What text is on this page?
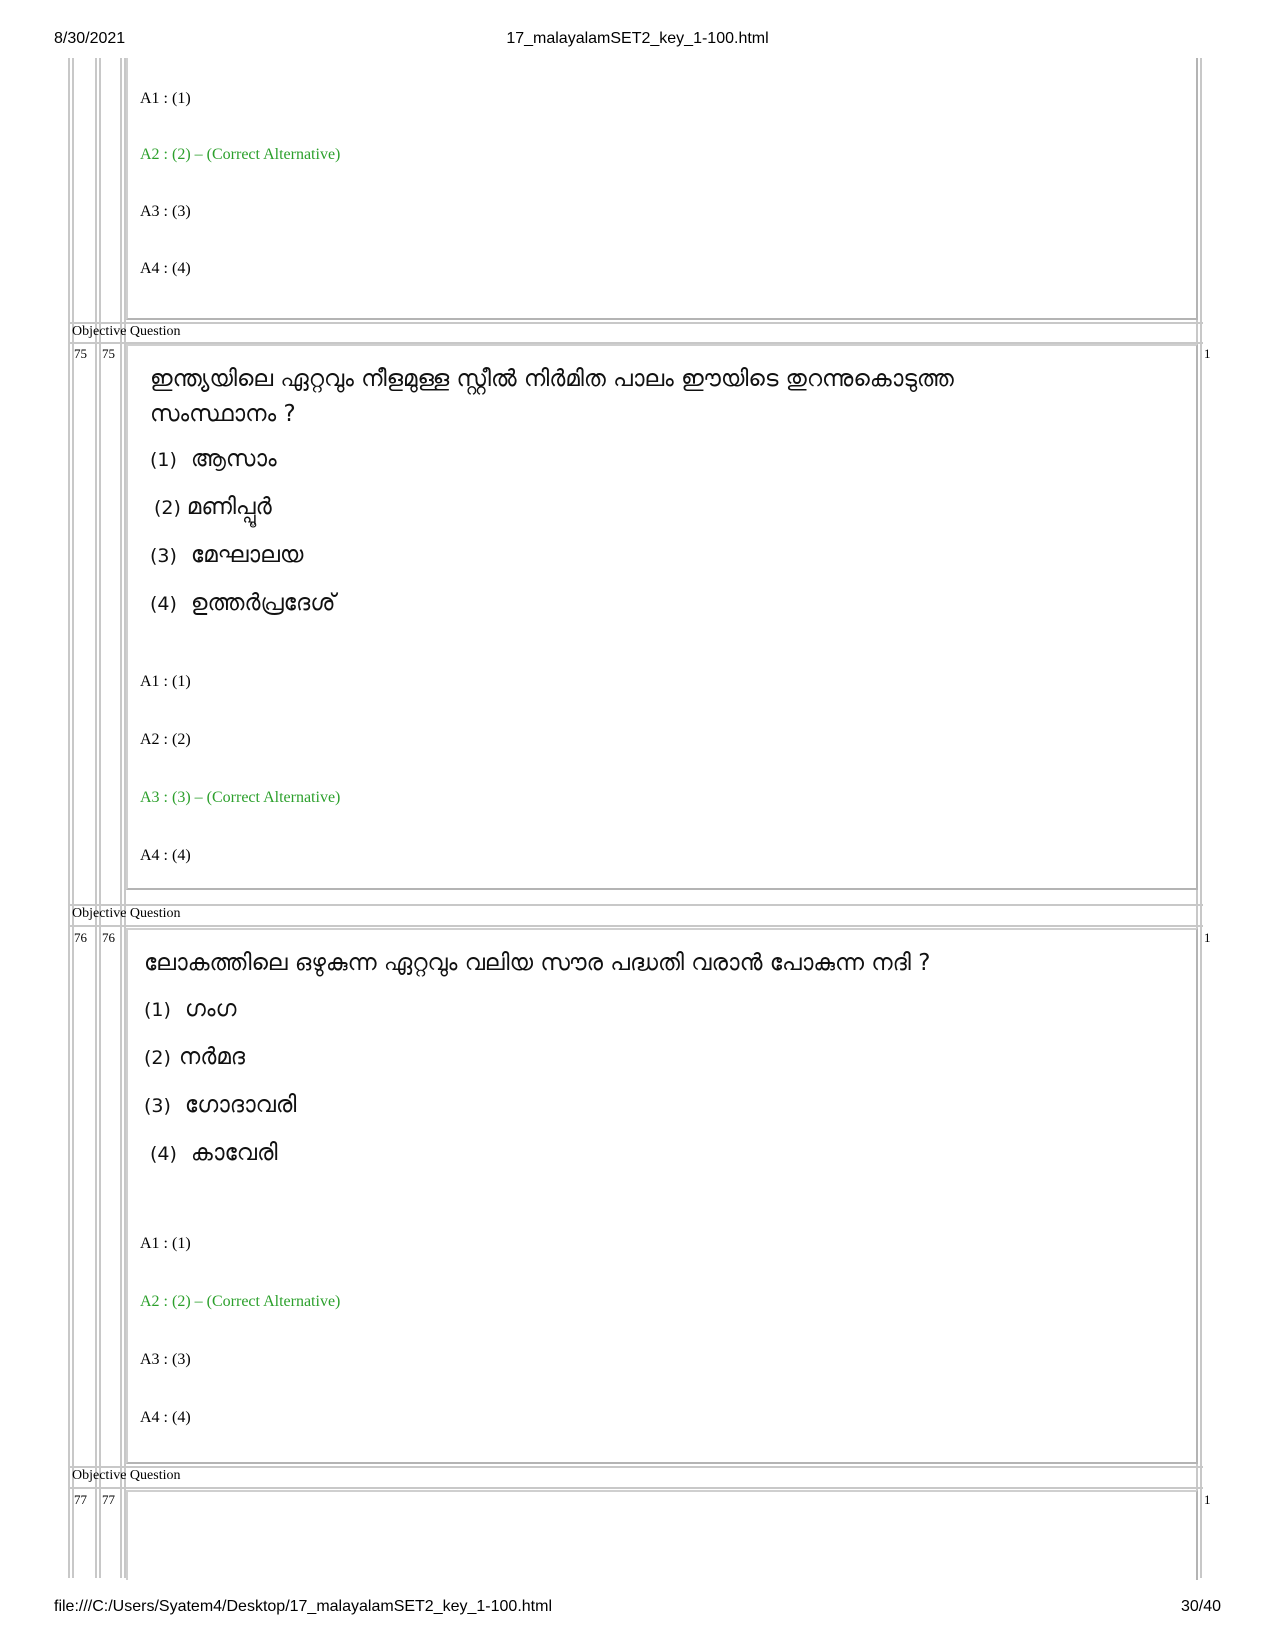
8/30/2021	17_malayalamSET2_key_1-100.html
A1 : (1)
A2 : (2) – (Correct Alternative)
A3 : (3)
A4 : (4)
Objective Question
75 75	1
ഇന്ത്യയിലെ ഏറ്റവും നീളമുള്ള സ്റ്റീൽ നിർമിത പാലം ഈയിടെ തുറന്നുകൊടുത്ത സംസ്ഥാനം ?
(1) ആസാം
(2) മണിപ്പൂർ
(3) മേഘാലയ
(4) ഉത്തർപ്രദേശ്
A1 : (1)
A2 : (2)
A3 : (3) – (Correct Alternative)
A4 : (4)
Objective Question
76 76	1
ലോകത്തിലെ ഒഴുകുന്ന ഏറ്റവും വലിയ സൗര പദ്ധതി വരാൻ പോകുന്ന നദി ?
(1) ഗംഗ
(2) നർമദ
(3) ഗോദാവരി
(4) കാവേരി
A1 : (1)
A2 : (2) – (Correct Alternative)
A3 : (3)
A4 : (4)
Objective Question
77 77	1
file:///C:/Users/Syatem4/Desktop/17_malayalamSET2_key_1-100.html	30/40
